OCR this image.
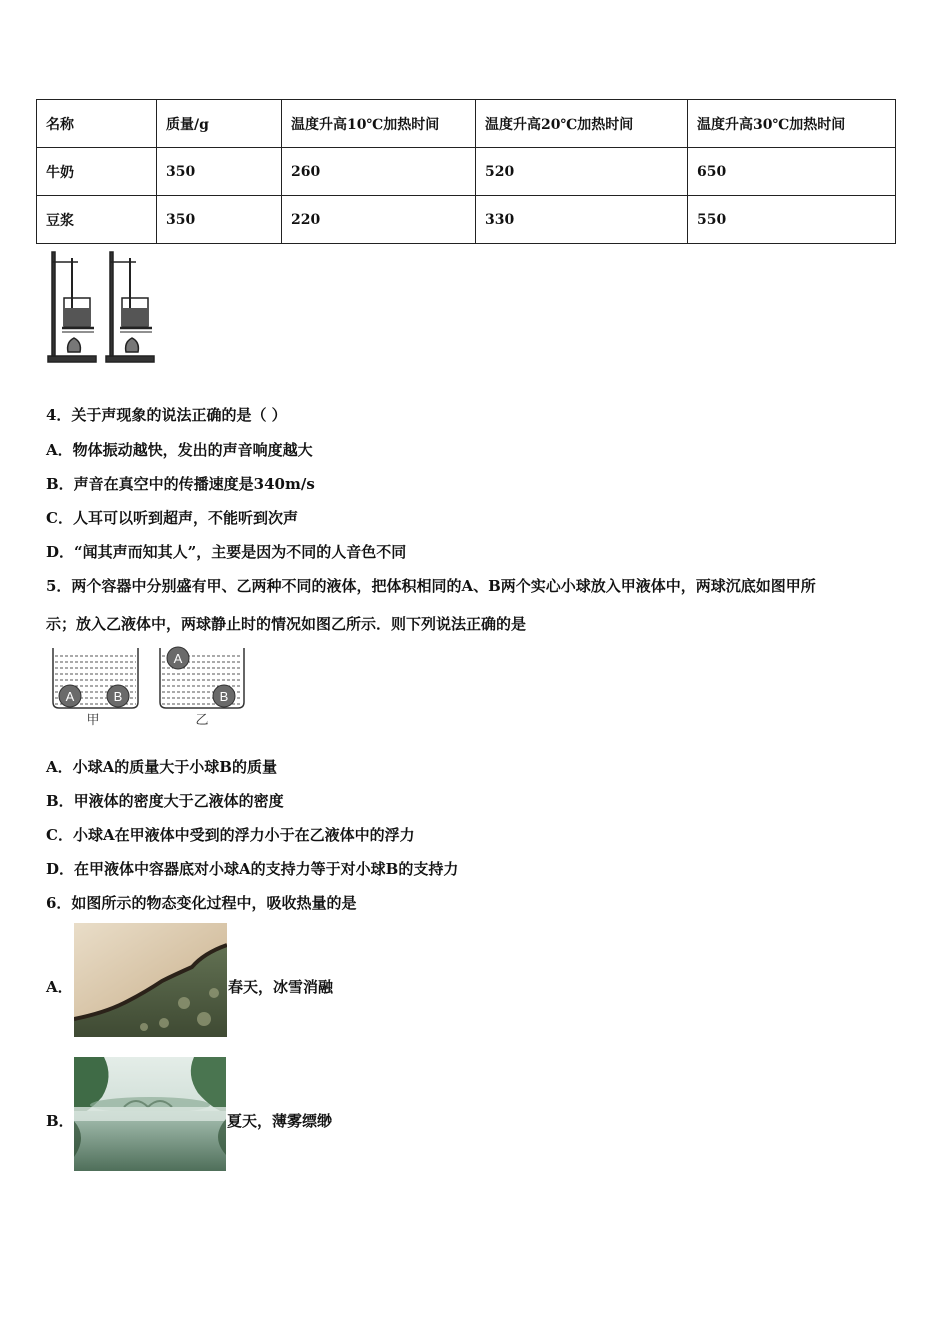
名称	质量/g	温度升高10℃加热时间	温度升高20℃加热时间	温度升高30℃加热时间
牛奶	350	260	520	650
豆浆	350	220	330	550
4．关于声现象的说法正确的是（ ）
A．物体振动越快，发出的声音响度越大
B．声音在真空中的传播速度是340m/s
C．人耳可以听到超声，不能听到次声
D．“闻其声而知其人”，主要是因为不同的人音色不同
5．两个容器中分别盛有甲、乙两种不同的液体，把体积相同的A、B两个实心小球放入甲液体中，两球沉底如图甲所
示；放入乙液体中，两球静止时的情况如图乙所示．则下列说法正确的是
A	B
甲
A
B
乙
A．小球A的质量大于小球B的质量
B．甲液体的密度大于乙液体的密度
C．小球A在甲液体中受到的浮力小于在乙液体中的浮力
D．在甲液体中容器底对小球A的支持力等于对小球B的支持力
6．如图所示的物态变化过程中，吸收热量的是
A．	春天，冰雪消融
B．	夏天，薄雾缥缈
